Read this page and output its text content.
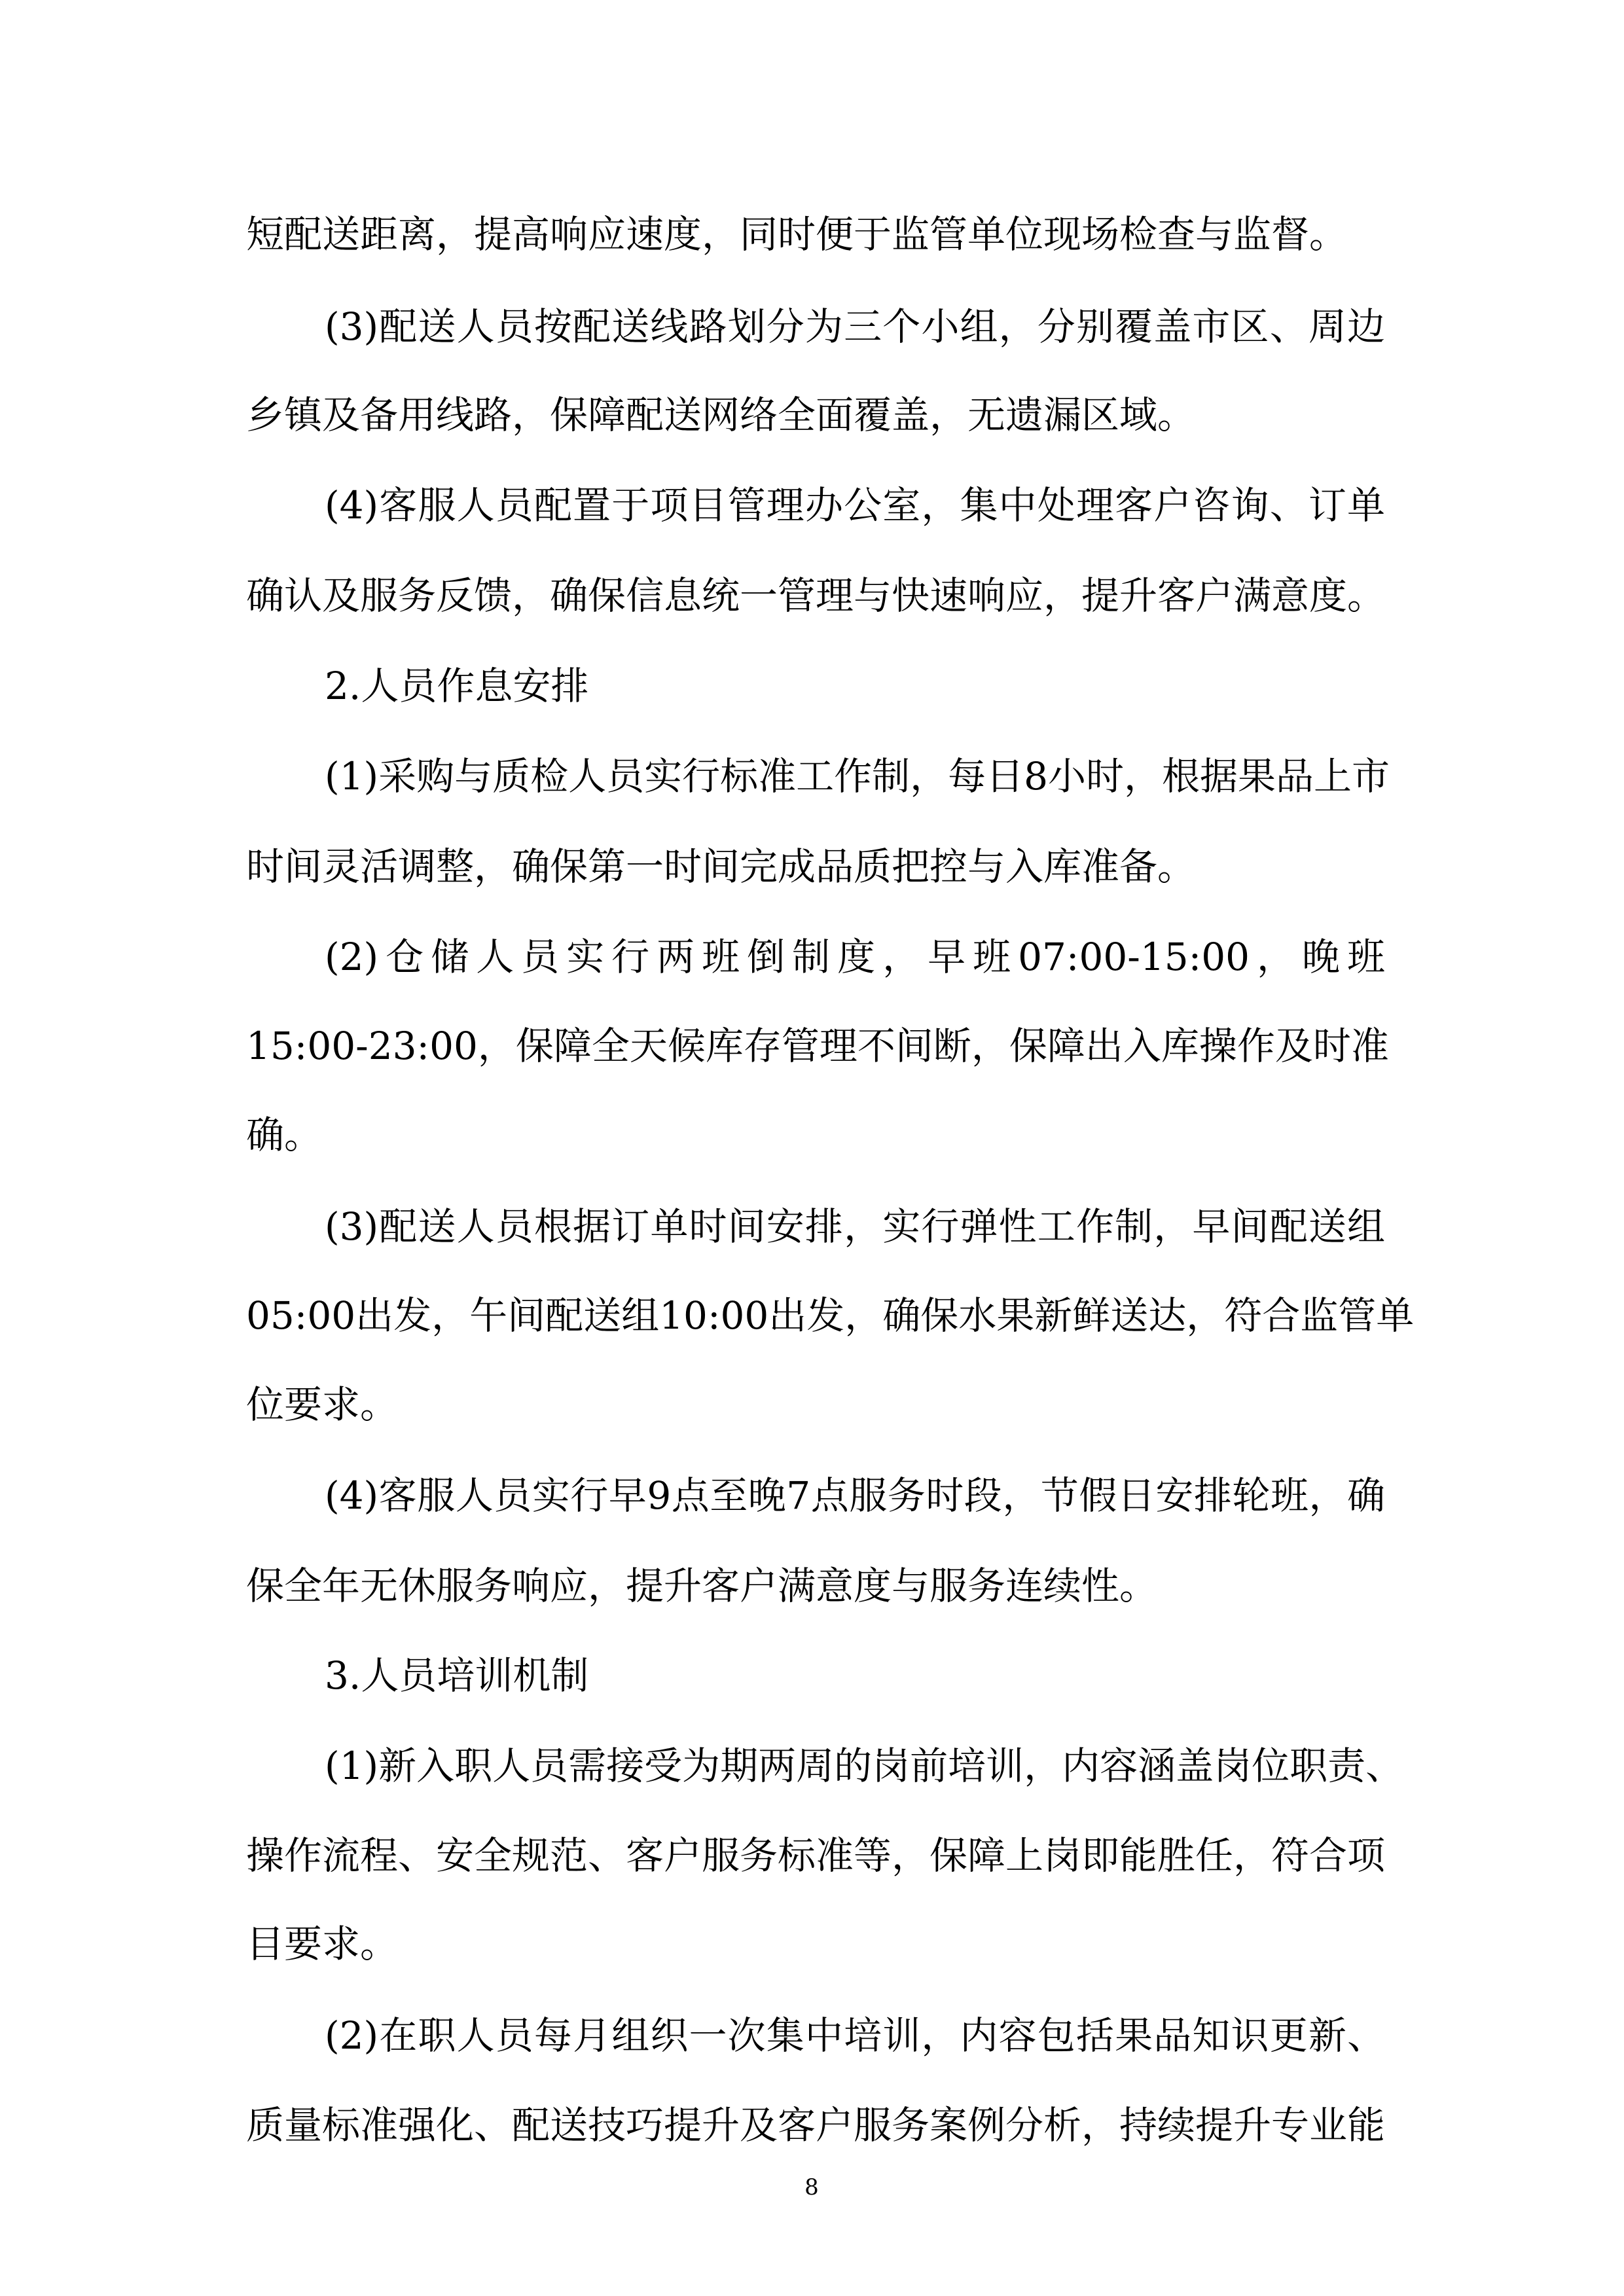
短配送距离，提高响应速度，同时便于监管单位现场检查与监督。

(3)配送人员按配送线路划分为三个小组，分别覆盖市区、周边

乡镇及备用线路，保障配送网络全面覆盖，无遗漏区域。

(4)客服人员配置于项目管理办公室，集中处理客户咨询、订单

确认及服务反馈，确保信息统一管理与快速响应，提升客户满意度。

2.人员作息安排

(1)采购与质检人员实行标准工作制，每日8小时，根据果品上市

时间灵活调整，确保第一时间完成品质把控与入库准备。

(2)仓储人员实行两班倒制度，早班07:00-15:00，晚班

15:00-23:00，保障全天候库存管理不间断，保障出入库操作及时准

确。

(3)配送人员根据订单时间安排，实行弹性工作制，早间配送组

05:00出发，午间配送组10:00出发，确保水果新鲜送达，符合监管单

位要求。

(4)客服人员实行早9点至晚7点服务时段，节假日安排轮班，确

保全年无休服务响应，提升客户满意度与服务连续性。

3.人员培训机制

(1)新入职人员需接受为期两周的岗前培训，内容涵盖岗位职责、

操作流程、安全规范、客户服务标准等，保障上岗即能胜任，符合项

目要求。

(2)在职人员每月组织一次集中培训，内容包括果品知识更新、

质量标准强化、配送技巧提升及客户服务案例分析，持续提升专业能

8
